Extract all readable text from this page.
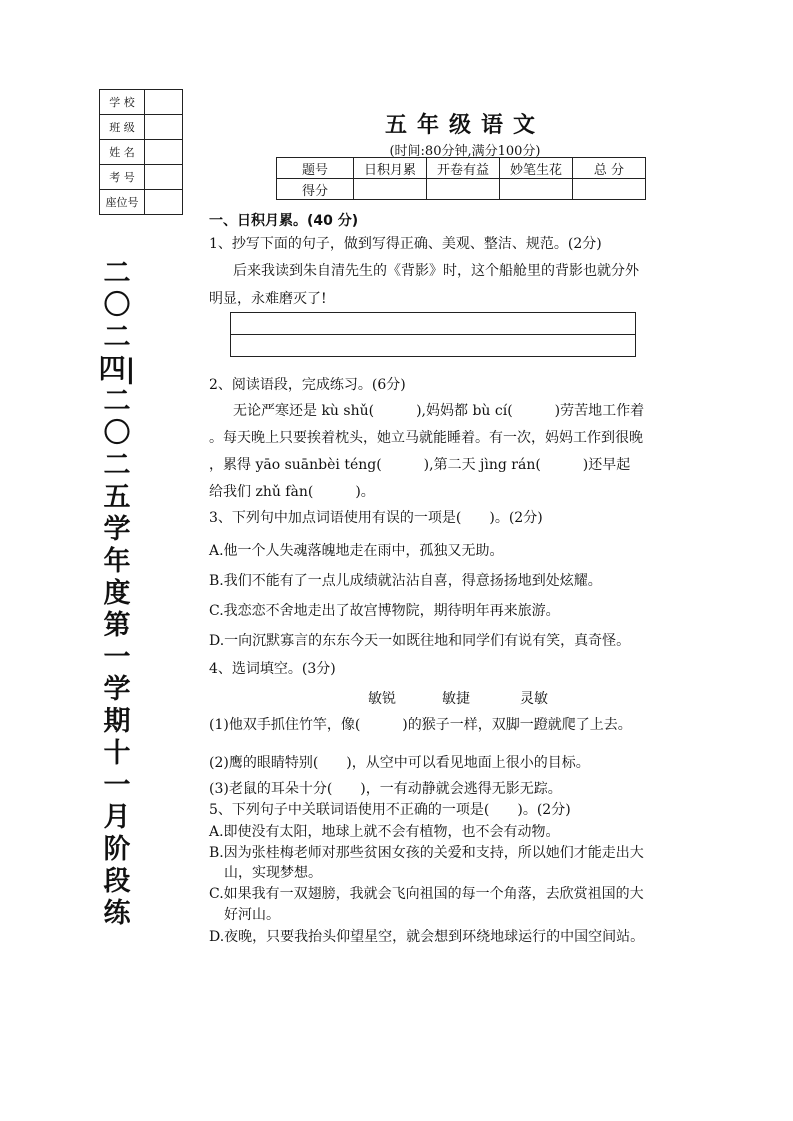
学 校	
班 级	
姓 名	
考 号	
座位号	
二〇二四|二〇二五学年度第一学期十一月阶段练
五年级语文
(时间:80分钟,满分100分)
题号	日积月累	开卷有益	妙笔生花	总 分
得分				
一、日积月累。(40 分)
1、抄写下面的句子，做到写得正确、美观、整洁、规范。(2分)
后来我读到朱自清先生的《背影》时，这个船舱里的背影也就分外
明显，永难磨灭了!
2、阅读语段，完成练习。(6分)
无论严寒还是 kù shǔ(　　　),妈妈都 bù cí(　　　)劳苦地工作着
。每天晚上只要挨着枕头，她立马就能睡着。有一次，妈妈工作到很晚
，累得 yāo suānbèi téng(　　　),第二天 jìng rán(　　　)还早起
给我们 zhǔ fàn(　　　)。
3、下列句中加点词语使用有误的一项是(　　)。(2分)
A.他一个人失魂落魄地走在雨中，孤独又无助。
B.我们不能有了一点儿成绩就沾沾自喜，得意扬扬地到处炫耀。
C.我恋恋不舍地走出了故宫博物院，期待明年再来旅游。
D.一向沉默寡言的东东今天一如既往地和同学们有说有笑，真奇怪。
4、选词填空。(3分)
敏锐	敏捷	灵敏
(1)他双手抓住竹竿，像(　　　)的猴子一样，双脚一蹬就爬了上去。
(2)鹰的眼睛特别(　　)，从空中可以看见地面上很小的目标。
(3)老鼠的耳朵十分(　　)，一有动静就会逃得无影无踪。
5、下列句子中关联词语使用不正确的一项是(　　)。(2分)
A.即使没有太阳，地球上就不会有植物，也不会有动物。
B.因为张桂梅老师对那些贫困女孩的关爱和支持，所以她们才能走出大
山，实现梦想。
C.如果我有一双翅膀，我就会飞向祖国的每一个角落，去欣赏祖国的大
好河山。
D.夜晚，只要我抬头仰望星空，就会想到环绕地球运行的中国空间站。
